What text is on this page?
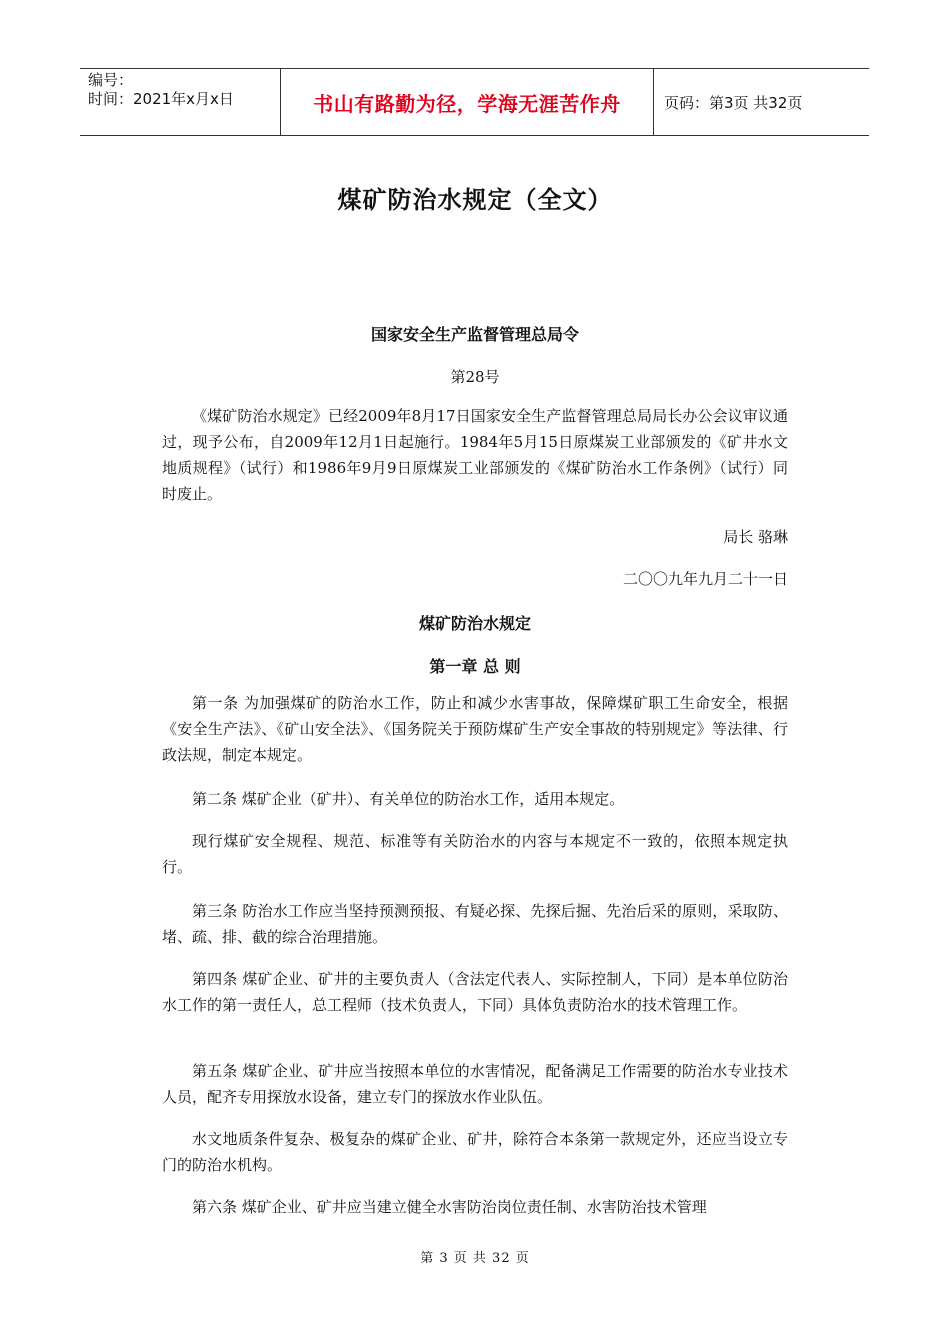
编号：
时间：2021年x月x日	书山有路勤为径，学海无涯苦作舟	页码：第3页 共32页
煤矿防治水规定（全文）
国家安全生产监督管理总局令
第28号

《煤矿防治水规定》已经2009年8月17日国家安全生产监督管理总局局长办公会议审议通过，现予公布，自2009年12月1日起施行。1984年5月15日原煤炭工业部颁发的《矿井水文地质规程》（试行）和1986年9月9日原煤炭工业部颁发的《煤矿防治水工作条例》（试行）同时废止。

局长 骆琳
二〇〇九年九月二十一日
煤矿防治水规定
第一章 总 则

第一条 为加强煤矿的防治水工作，防止和减少水害事故，保障煤矿职工生命安全，根据《安全生产法》、《矿山安全法》、《国务院关于预防煤矿生产安全事故的特别规定》等法律、行政法规，制定本规定。

第二条 煤矿企业（矿井）、有关单位的防治水工作，适用本规定。

现行煤矿安全规程、规范、标准等有关防治水的内容与本规定不一致的，依照本规定执行。

第三条 防治水工作应当坚持预测预报、有疑必探、先探后掘、先治后采的原则，采取防、堵、疏、排、截的综合治理措施。

第四条 煤矿企业、矿井的主要负责人（含法定代表人、实际控制人，下同）是本单位防治水工作的第一责任人，总工程师（技术负责人，下同）具体负责防治水的技术管理工作。

第五条 煤矿企业、矿井应当按照本单位的水害情况，配备满足工作需要的防治水专业技术人员，配齐专用探放水设备，建立专门的探放水作业队伍。

水文地质条件复杂、极复杂的煤矿企业、矿井，除符合本条第一款规定外，还应当设立专门的防治水机构。

第六条 煤矿企业、矿井应当建立健全水害防治岗位责任制、水害防治技术管理

第 3 页 共 32 页
